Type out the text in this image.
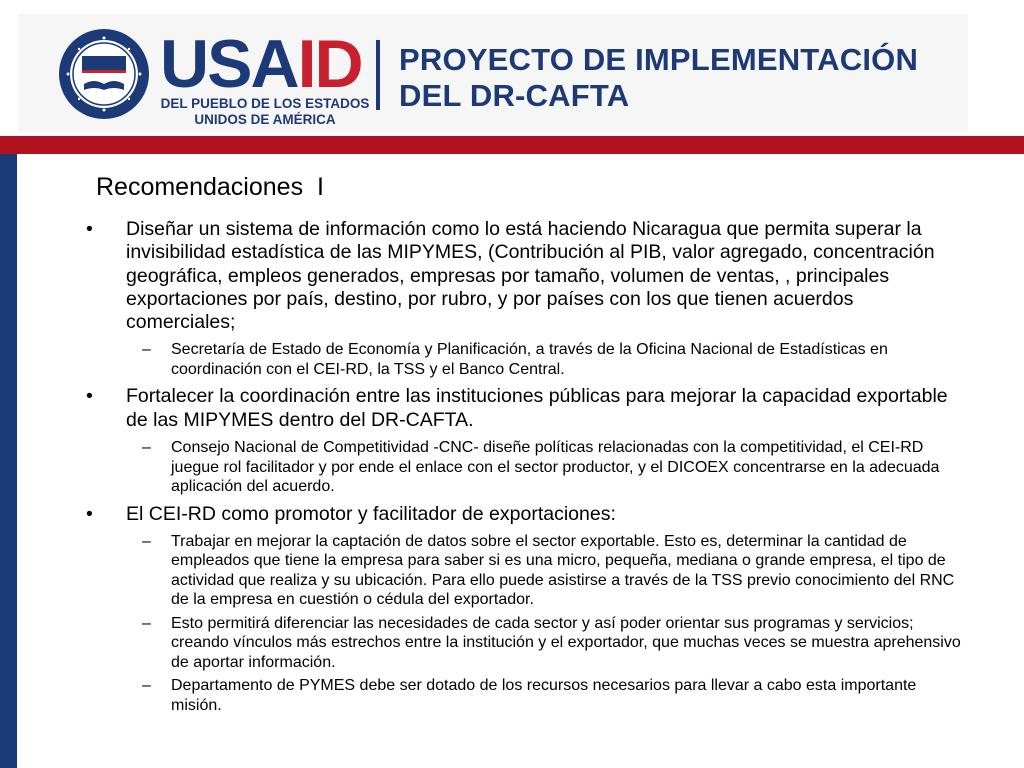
USAID
DEL PUEBLO DE LOS ESTADOS
UNIDOS DE AMÉRICA
PROYECTO DE IMPLEMENTACIÓN
DEL DR-CAFTA
Recomendaciones  I
•	Diseñar un sistema de información como lo está haciendo Nicaragua que permita superar la invisibilidad estadística de las MIPYMES, (Contribución al PIB, valor agregado, concentración geográfica, empleos generados, empresas por tamaño, volumen de ventas, , principales exportaciones por país, destino, por rubro, y por países con los que tienen acuerdos comerciales;
– Secretaría de Estado de Economía y Planificación, a través de la Oficina Nacional de Estadísticas en coordinación con el CEI-RD, la TSS y el Banco Central.
•	Fortalecer la coordinación entre las instituciones públicas para mejorar la capacidad exportable de las MIPYMES dentro del DR-CAFTA.
– Consejo Nacional de Competitividad -CNC- diseñe políticas relacionadas con la competitividad, el CEI-RD juegue rol facilitador y por ende el enlace con el sector productor, y el DICOEX concentrarse en la adecuada aplicación del acuerdo.
•	El CEI-RD como promotor y facilitador de exportaciones:
– Trabajar en mejorar la captación de datos sobre el sector exportable. Esto es, determinar la cantidad de empleados que tiene la empresa para saber si es una micro, pequeña, mediana o grande empresa, el tipo de actividad que realiza y su ubicación. Para ello puede asistirse a través de la TSS previo conocimiento del RNC de la empresa en cuestión o cédula del exportador.
– Esto permitirá diferenciar las necesidades de cada sector y así poder orientar sus programas y servicios; creando vínculos más estrechos entre la institución y el exportador, que muchas veces se muestra aprehensivo de aportar información.
– Departamento de PYMES debe ser dotado de los recursos necesarios para llevar a cabo esta importante misión.
